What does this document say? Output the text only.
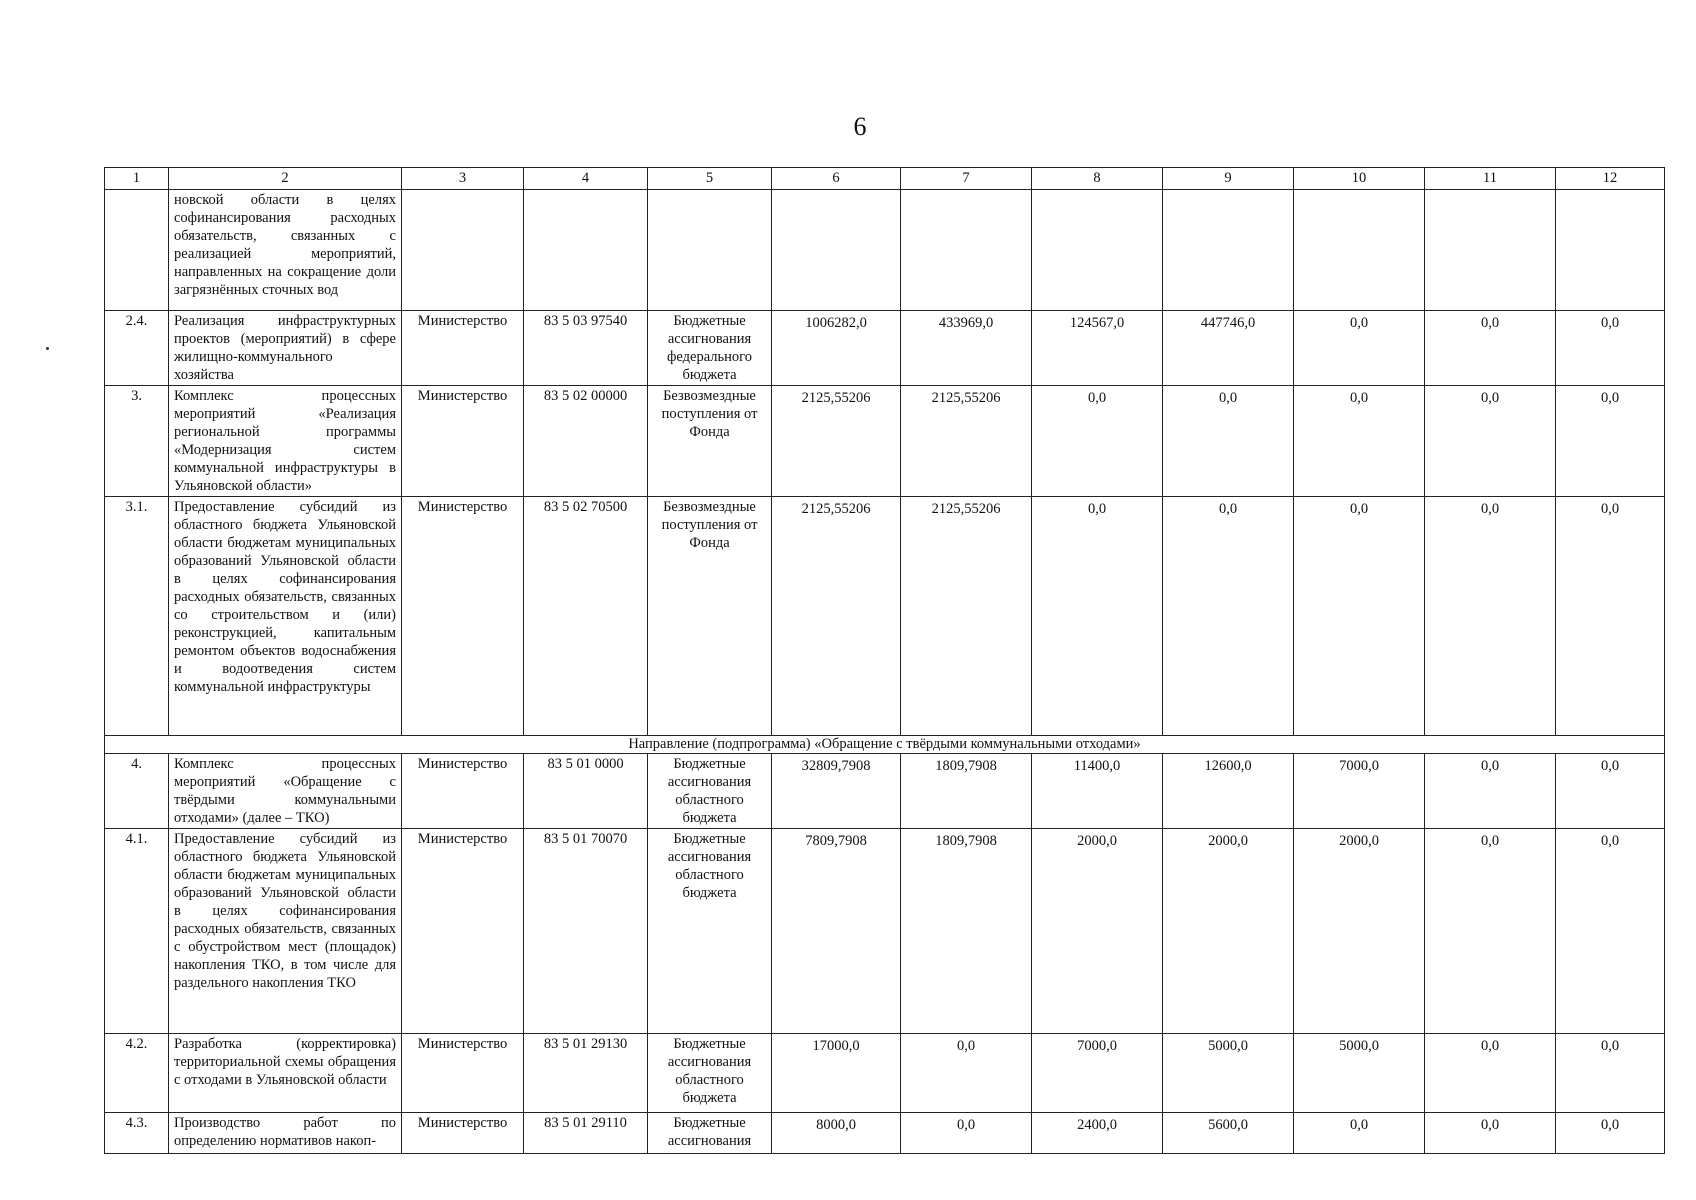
6
1	2	3	4	5	6	7	8	9	10	11	12
	новской области в целях софинансирования расходных обязательств, связанных с реализацией мероприятий, направленных на сокращение доли загрязнённых сточных вод										
2.4.	Реализация инфраструктурных проектов (мероприятий) в сфере жилищно-коммунального хозяйства	Министерство	83 5 03 97540	Бюджетные ассигнования федерального бюджета	1006282,0	433969,0	124567,0	447746,0	0,0	0,0	0,0
3.	Комплекс процессных мероприятий «Реализация региональной программы «Модернизация систем коммунальной инфраструктуры в Ульяновской области»	Министерство	83 5 02 00000	Безвозмездные поступления от Фонда	2125,55206	2125,55206	0,0	0,0	0,0	0,0	0,0
3.1.	Предоставление субсидий из областного бюджета Ульяновской области бюджетам муниципальных образований Ульяновской области в целях софинансирования расходных обязательств, связанных со строительством и (или) реконструкцией, капитальным ремонтом объектов водоснабжения и водоотведения систем коммунальной инфраструктуры	Министерство	83 5 02 70500	Безвозмездные поступления от Фонда	2125,55206	2125,55206	0,0	0,0	0,0	0,0	0,0
Направление (подпрограмма) «Обращение с твёрдыми коммунальными отходами»											
4.	Комплекс процессных мероприятий «Обращение с твёрдыми коммунальными отходами» (далее – ТКО)	Министерство	83 5 01 0000	Бюджетные ассигнования областного бюджета	32809,7908	1809,7908	11400,0	12600,0	7000,0	0,0	0,0
4.1.	Предоставление субсидий из областного бюджета Ульяновской области бюджетам муниципальных образований Ульяновской области в целях софинансирования расходных обязательств, связанных с обустройством мест (площадок) накопления ТКО, в том числе для раздельного накопления ТКО	Министерство	83 5 01 70070	Бюджетные ассигнования областного бюджета	7809,7908	1809,7908	2000,0	2000,0	2000,0	0,0	0,0
4.2.	Разработка (корректировка) территориальной схемы обращения с отходами в Ульяновской области	Министерство	83 5 01 29130	Бюджетные ассигнования областного бюджета	17000,0	0,0	7000,0	5000,0	5000,0	0,0	0,0
4.3.	Производство работ по определению нормативов накоп-	Министерство	83 5 01 29110	Бюджетные ассигнования	8000,0	0,0	2400,0	5600,0	0,0	0,0	0,0
